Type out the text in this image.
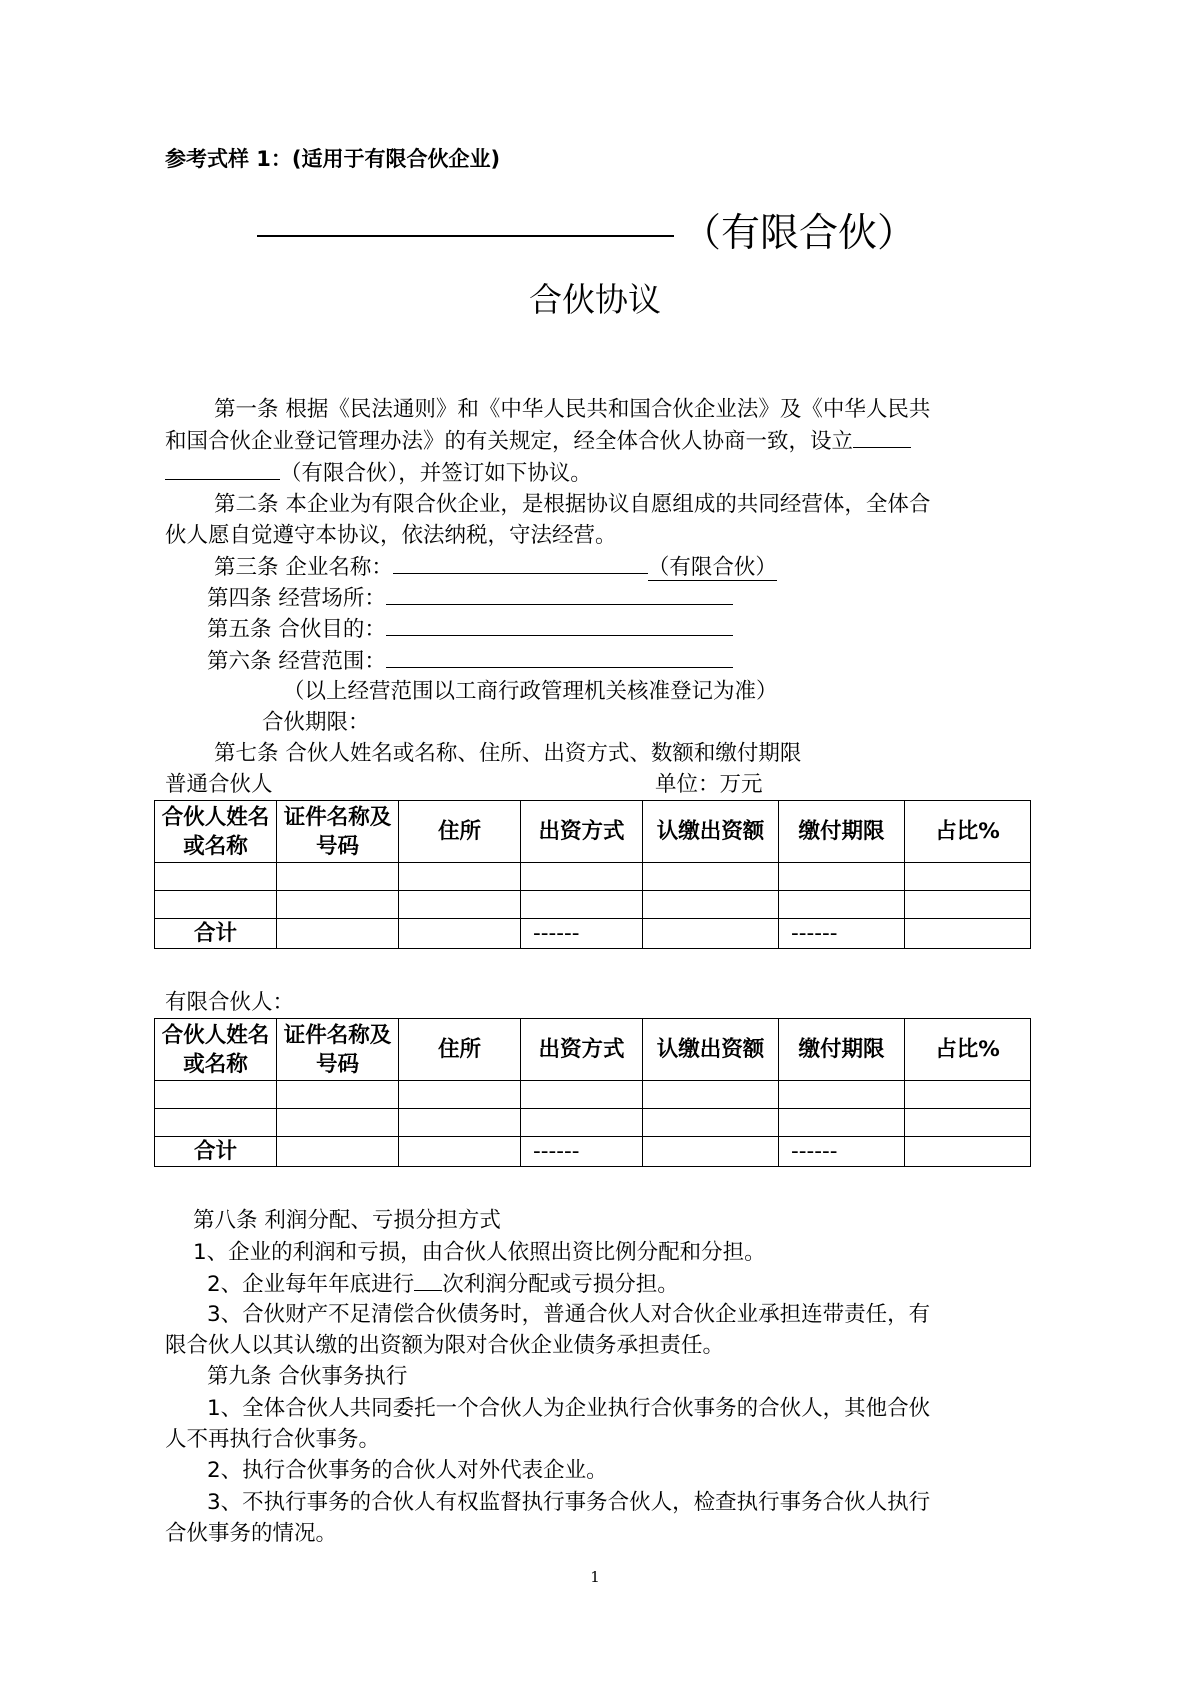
参考式样 1：(适用于有限合伙企业)
（有限合伙）
合伙协议
第一条 根据《民法通则》和《中华人民共和国合伙企业法》及《中华人民共
和国合伙企业登记管理办法》的有关规定，经全体合伙人协商一致，设立
（有限合伙），并签订如下协议。
第二条 本企业为有限合伙企业，是根据协议自愿组成的共同经营体，全体合
伙人愿自觉遵守本协议，依法纳税，守法经营。
第三条 企业名称：	（有限合伙）
第四条 经营场所：
第五条 合伙目的：
第六条 经营范围：
（以上经营范围以工商行政管理机关核准登记为准）
合伙期限：
第七条 合伙人姓名或名称、住所、出资方式、数额和缴付期限
普通合伙人	单位：万元
合伙人姓名或名称	证件名称及号码	住所	出资方式	认缴出资额	缴付期限	占比%

合计			------		------	
有限合伙人：
合伙人姓名或名称	证件名称及号码	住所	出资方式	认缴出资额	缴付期限	占比%

合计			------		------	
第八条 利润分配、亏损分担方式
1、企业的利润和亏损，由合伙人依照出资比例分配和分担。
2、企业每年年底进行 次利润分配或亏损分担。
3、合伙财产不足清偿合伙债务时，普通合伙人对合伙企业承担连带责任，有
限合伙人以其认缴的出资额为限对合伙企业债务承担责任。
第九条 合伙事务执行
1、全体合伙人共同委托一个合伙人为企业执行合伙事务的合伙人，其他合伙
人不再执行合伙事务。
2、执行合伙事务的合伙人对外代表企业。
3、不执行事务的合伙人有权监督执行事务合伙人，检查执行事务合伙人执行
合伙事务的情况。
1
